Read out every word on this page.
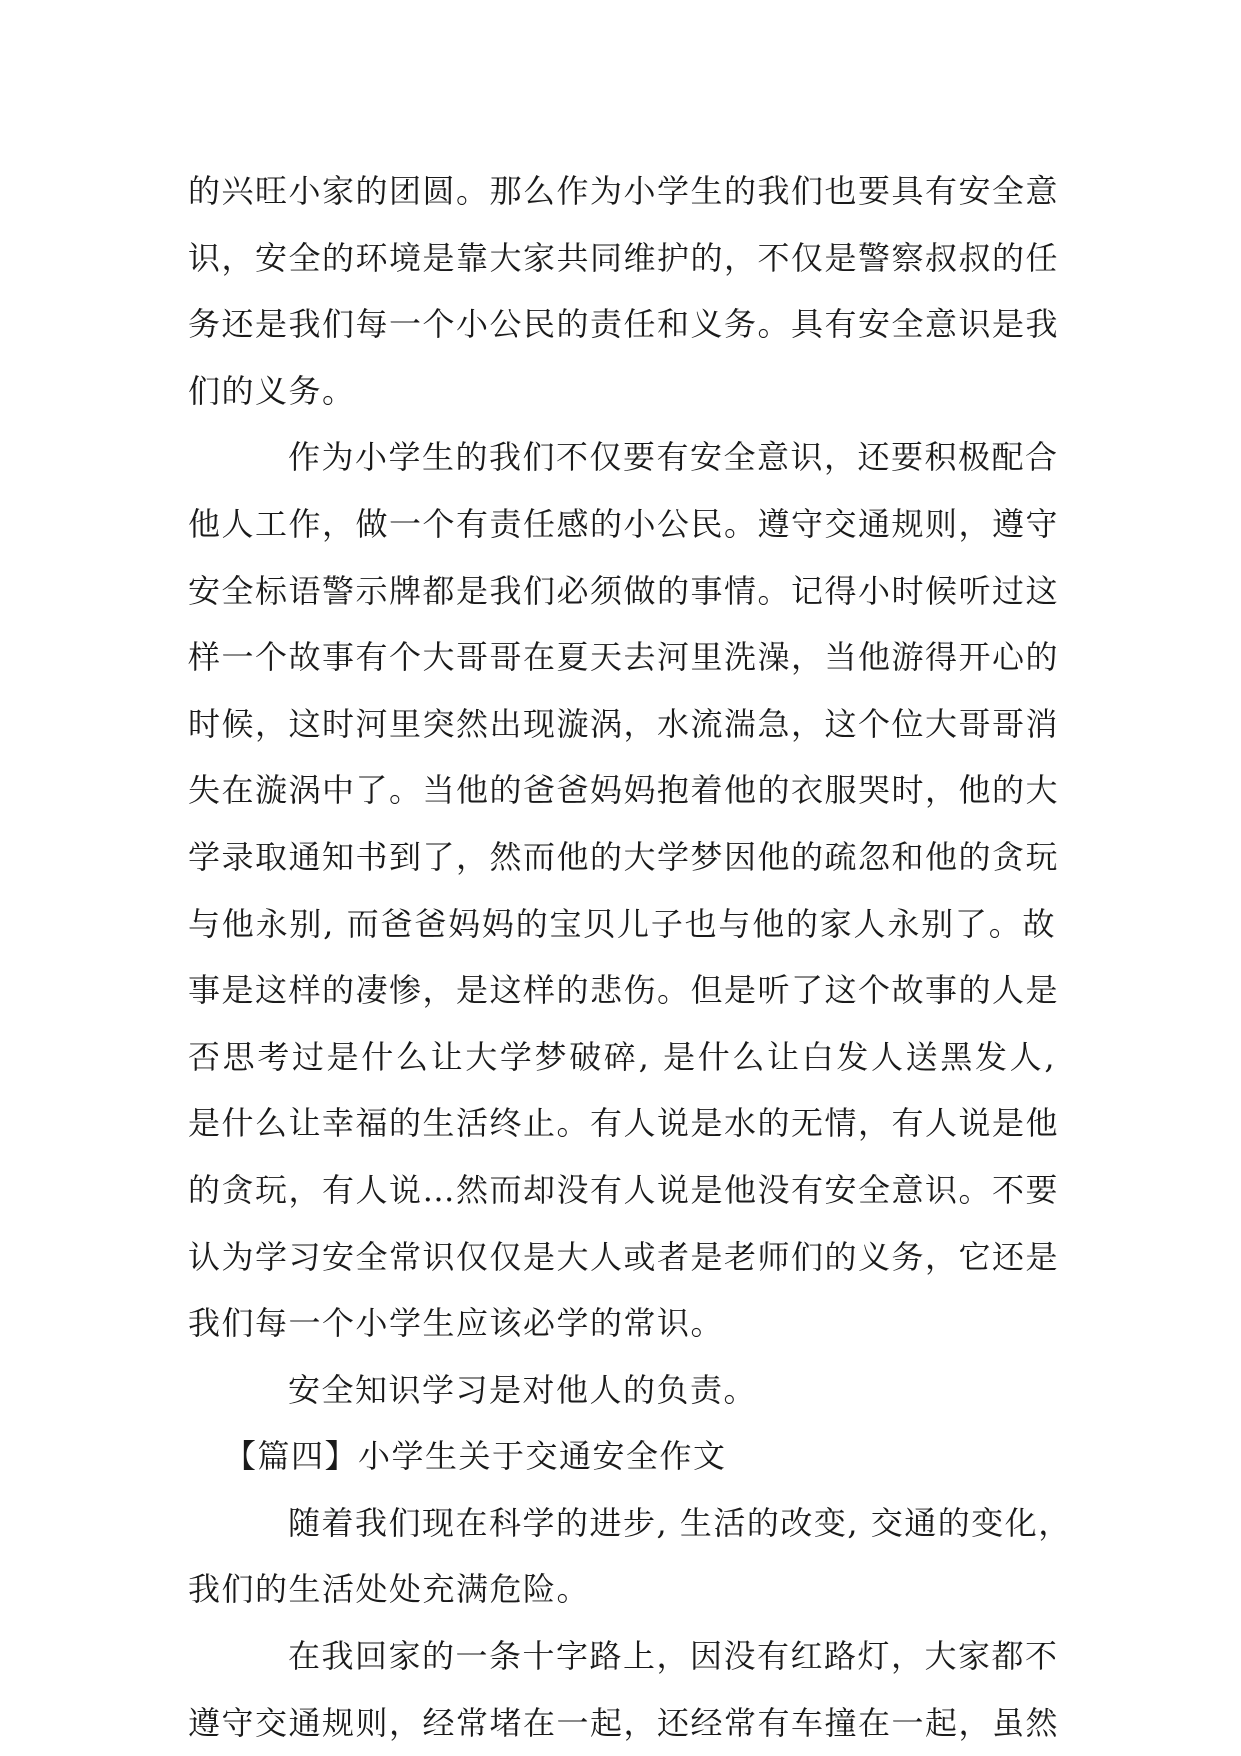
的兴旺小家的团圆。那么作为小学生的我们也要具有安全意
识，安全的环境是靠大家共同维护的，不仅是警察叔叔的任
务还是我们每一个小公民的责任和义务。具有安全意识是我
们的义务。
作为小学生的我们不仅要有安全意识，还要积极配合
他人工作，做一个有责任感的小公民。遵守交通规则，遵守
安全标语警示牌都是我们必须做的事情。记得小时候听过这
样一个故事有个大哥哥在夏天去河里洗澡，当他游得开心的
时候，这时河里突然出现漩涡，水流湍急，这个位大哥哥消
失在漩涡中了。当他的爸爸妈妈抱着他的衣服哭时，他的大
学录取通知书到了，然而他的大学梦因他的疏忽和他的贪玩
与他永别, 而爸爸妈妈的宝贝儿子也与他的家人永别了。故
事是这样的凄惨，是这样的悲伤。但是听了这个故事的人是
否思考过是什么让大学梦破碎, 是什么让白发人送黑发人,
是什么让幸福的生活终止。有人说是水的无情，有人说是他
的贪玩，有人说…然而却没有人说是他没有安全意识。不要
认为学习安全常识仅仅是大人或者是老师们的义务，它还是
我们每一个小学生应该必学的常识。
安全知识学习是对他人的负责。
【篇四】小学生关于交通安全作文
随着我们现在科学的进步, 生活的改变, 交通的变化，
我们的生活处处充满危险。
在我回家的一条十字路上，因没有红路灯，大家都不
遵守交通规则，经常堵在一起，还经常有车撞在一起，虽然
